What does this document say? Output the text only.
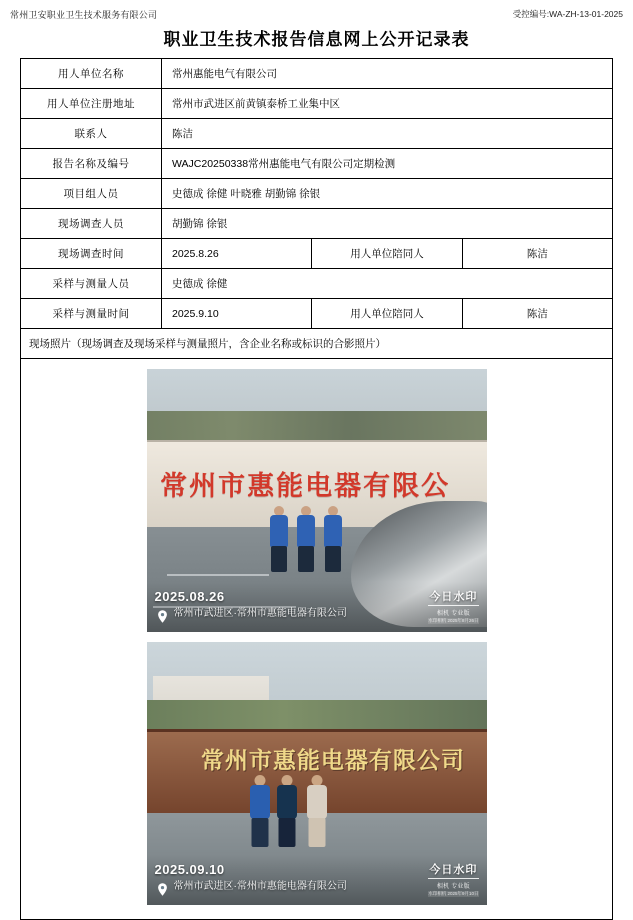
常州卫安职业卫生技术服务有限公司	受控编号:WA-ZH-13-01-2025
职业卫生技术报告信息网上公开记录表
用人单位名称	常州惠能电气有限公司		
用人单位注册地址	常州市武进区前黄镇泰桥工业集中区		
联系人	陈洁		
报告名称及编号	WAJC20250338常州惠能电气有限公司定期检测		
项目组人员	史德成 徐健 叶晓雅 胡勤锦 徐银		
现场调查人员	胡勤锦 徐银		
现场调查时间	2025.8.26	用人单位陪同人	陈洁
采样与测量人员	史德成 徐健		
采样与测量时间	2025.9.10	用人单位陪同人	陈洁
现场照片（现场调查及现场采样与测量照片，含企业名称或标识的合影照片）			

常州市惠能电器有限公
2025.08.26
常州市武进区·常州市惠能电器有限公司
今日水印
相机 专业版
水印相机 2025年8月26日
常州市惠能电器有限公司
2025.09.10
常州市武进区·常州市惠能电器有限公司
今日水印
相机 专业版
水印相机 2025年9月10日
